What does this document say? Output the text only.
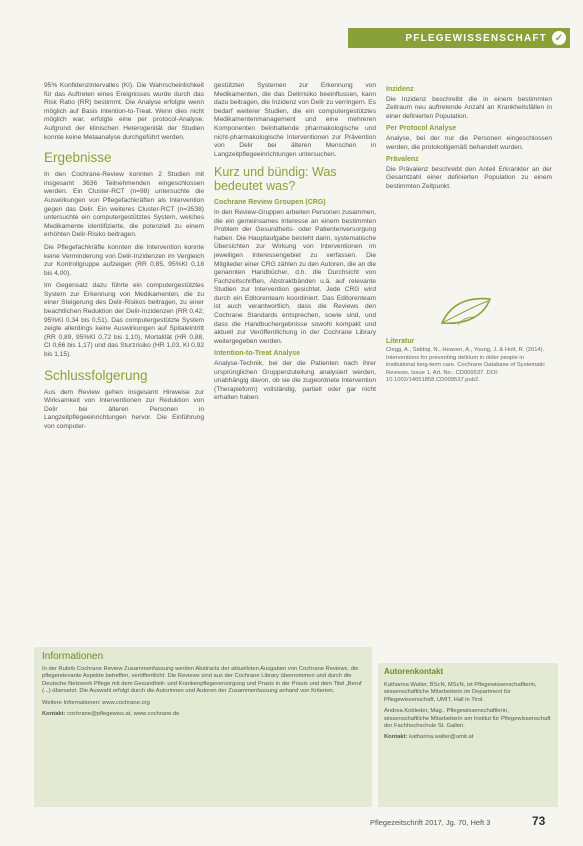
PFLEGEWISSENSCHAFT ✓

95% Konfidenzintervalles (KI). Die Wahrscheinlichkeit für das Auftreten eines Ereignisses wurde durch das Risk Ratio (RR) bestimmt. Die Analyse erfolgte wenn möglich auf Basis Intention-to-Treat. Wenn dies nicht möglich war, erfolgte eine per protocol-Analyse. Aufgrund der klinischen Heterogenität der Studien konnte keine Metaanalyse durchgeführt werden.

Ergebnisse

In den Cochrane-Review konnten 2 Studien mit insgesamt 3636 Teilnehmenden eingeschlossen werden. Ein Cluster-RCT (n=98) untersuchte die Auswirkungen von Pflegefachkräften als Intervention gegen das Delir. Ein weiteres Cluster-RCT (n=3538) untersuchte ein computergestütztes System, welches Medikamente identifizierte, die potenziell zu einem erhöhten Delir-Risiko beitragen.

Die Pflegefachkräfte konnten die Intervention konnte keine Verminderung von Delir-Inzidenzen im Vergleich zur Kontrollgruppe aufzeigen (RR 0,85, 95%KI 0,18 bis 4,00).

Im Gegensatz dazu führte ein computergestütztes System zur Erkennung von Medikamenten, die zu einer Steigerung des Delir-Risikos beitragen, zu einer beachtlichen Reduktion der Delir-Inzidenzen (RR 0,42; 95%KI 0,34 bis 0,51). Das computergestützte System zeigte allerdings keine Auswirkungen auf Spitaleintritt (RR 0,89, 95%KI 0,72 bis 1,10), Mortalität (HR 0,88, CI 0,66 bis 1,17) und das Sturzrisiko (HR 1,03, KI 0,92 bis 1,15).

Schlussfolgerung

Aus dem Review gehen insgesamt Hinweise zur Wirksamkeit von Interventionen zur Reduktion von Delir bei älteren Personen in Langzeitpflegeeinrichtungen hervor. Die Einführung von computer-

gestützten Systemen zur Erkennung von Medikamenten, die das Delirrisiko beeinflussen, kann dazu beitragen, die Inzidenz von Delir zu verringern. Es bedarf weiterer Studien, die ein computergestütztes Medikamentenmanagement und eine mehreren Komponenten beinhaltende pharmakologische und nicht-pharmakologische Interventionen zur Prävention von Delir bei älteren Menschen in Langzeitpflegeeinrichtungen untersuchen.

Kurz und bündig: Was bedeutet was?
Cochrane Review Groupen (CRG)

In den Review-Gruppen arbeiten Personen zusammen, die ein gemeinsames Interesse an einem bestimmten Problem der Gesundheits- oder Patientenversorgung haben. Die Hauptaufgabe besteht darin, systematische Übersichten zur Wirkung von Interventionen im jeweiligen Interessengebiet zu verfassen. Die Mitglieder einer CRG zählen zu den Autoren, die an die genannten Handbücher, d.h. die Durchsicht von Fachzeitschriften, Abstraktbänden u.ä. auf relevante Studien zur Intervention gesichtet. Jede CRG wird durch ein Editorenteam koordiniert. Das Editorenteam ist auch verantwortlich, dass die Reviews den Cochrane Standards entsprechen, sowie sind, und dass die Handbuchergebnisse sowohl kompakt und aktuell zur Veröffentlichung in der Cochrane Library weitergegeben werden.

Intention-to-Treat Analyse

Analyse-Technik, bei der die Patienten nach ihrer ursprünglichen Gruppenzuteilung analysiert werden, unabhängig davon, ob sie die zugeordnete Intervention (Therapieform) vollständig, partiell oder gar nicht erhalten haben.

Inzidenz

Die Inzidenz beschreibt die in einem bestimmten Zeitraum neu auftretende Anzahl an Krankheitsfällen in einer definierten Population.

Per Protocol Analyse

Analyse, bei der nur die Personen eingeschlossen werden, die protokollgemäß behandelt wurden.

Prävalenz

Die Prävalenz beschreibt den Anteil Erkrankter an der Gesamtzahl einer definierten Population zu einem bestimmten Zeitpunkt.

Literatur
Clegg, A., Siddiqi, N., Heaven, A., Young, J. & Holt, R. (2014). Interventions for preventing delirium in older people in institutional long-term care. Cochrane Database of Systematic Reviews, Issue 1, Art. No.: CD009537. DOI: 10.1002/14651858.CD009537.pub2.
Informationen

In der Rubrik Cochrane Review Zusammenfassung werden Abstracts der aktuellsten Ausgaben von Cochrane Reviews, die pflegerelevante Aspekte betreffen, veröffentlicht. Die Reviews sind aus der Cochrane Library übernommen und durch die Deutsche Netzwerk Pflege mit dem Gesundheit- und Krankenpflegeversorgung und Praxis in der Praxis und dem Titel „Beruf (...) übersetzt. Die Auswahl erfolgt durch die Autorinnen und Autoren der Zusammenfassung anhand von Kriterien.

Weitere Informationen: www.cochrane.org

Kontakt: cochrane@pflegewiss.at, www.cochrane.de

Autorenkontakt

Katharina Walter, BScN, MScN, ist Pflegewissenschaftlerin, wissenschaftliche Mitarbeiterin im Department für Pflegewissenschaft, UMIT, Hall in Tirol.

Andrea Kobleder, Mag., Pflegewissenschaftlerin, wissenschaftliche Mitarbeiterin am Institut für Pflegewissenschaft der Fachhochschule St. Gallen.

Kontakt: katharina.walter@umit.at

Pflegezeitschrift 2017, Jg. 70, Heft 3	73
